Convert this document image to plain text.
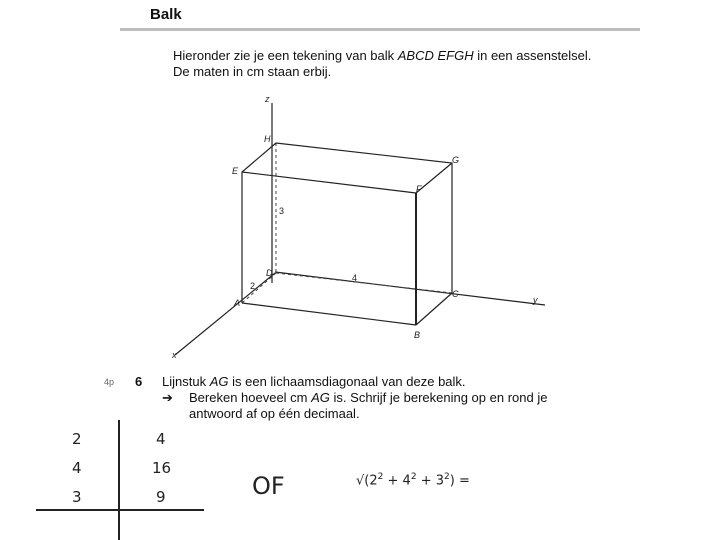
Balk
Hieronder zie je een tekening van balk ABCD EFGH in een assenstelsel.
De maten in cm staan erbij.
z
y
x
A
B
C
D
E
F
G
H
3
4
2
4p 6 Lijnstuk AG is een lichaamsdiagonaal van deze balk.
➔ Bereken hoeveel cm AG is. Schrijf je berekening op en rond je
antwoord af op één decimaal.
2	4
4	16
3	9	OF	$√(2^2 + 4^2 + 3^2)$ =
